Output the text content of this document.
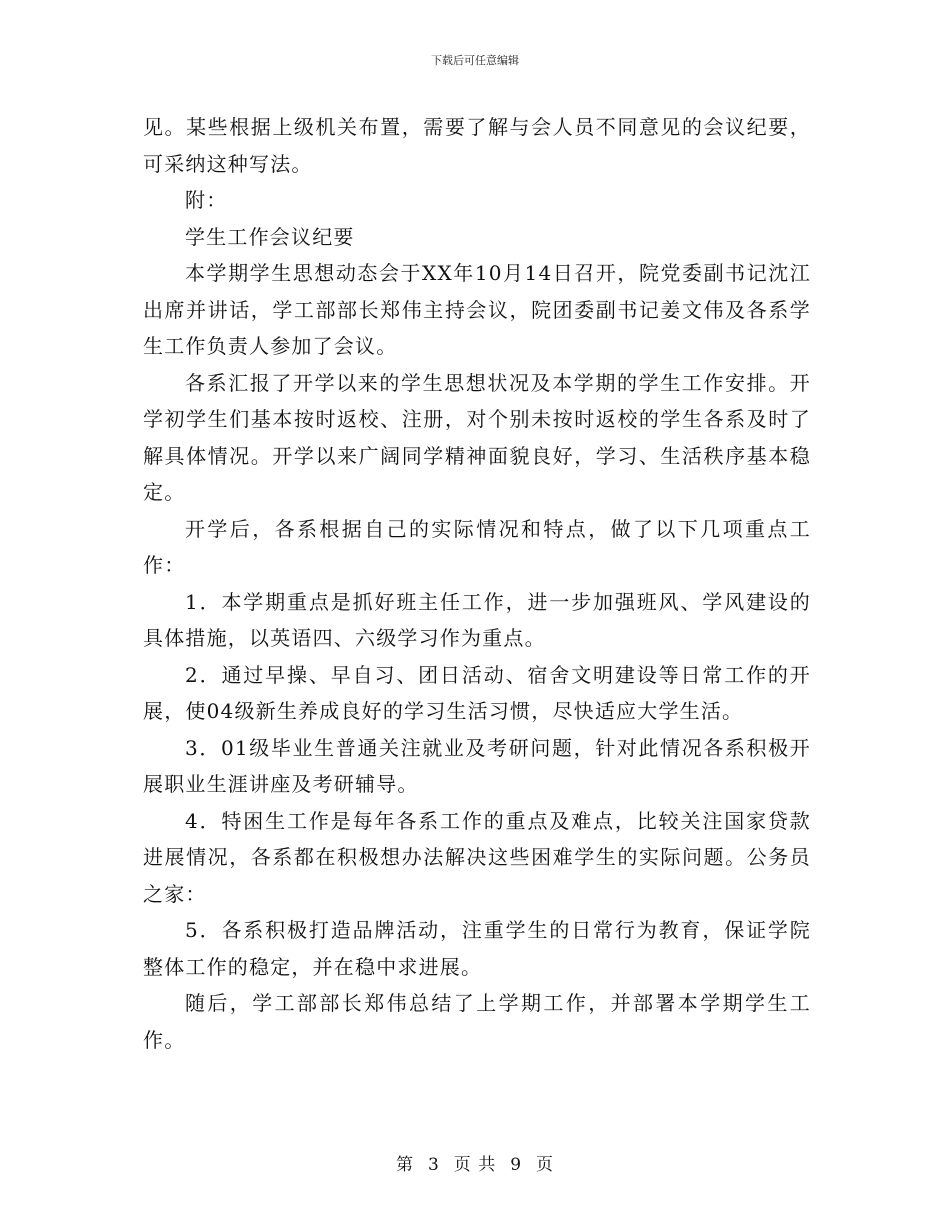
下载后可任意编辑

见。某些根据上级机关布置，需要了解与会人员不同意见的会议纪要，可采纳这种写法。

附：

学生工作会议纪要

本学期学生思想动态会于XX年10月14日召开，院党委副书记沈江出席并讲话，学工部部长郑伟主持会议，院团委副书记姜文伟及各系学生工作负责人参加了会议。

各系汇报了开学以来的学生思想状况及本学期的学生工作安排。开学初学生们基本按时返校、注册，对个别未按时返校的学生各系及时了解具体情况。开学以来广阔同学精神面貌良好，学习、生活秩序基本稳定。

开学后，各系根据自己的实际情况和特点，做了以下几项重点工作：

1．本学期重点是抓好班主任工作，进一步加强班风、学风建设的具体措施，以英语四、六级学习作为重点。

2．通过早操、早自习、团日活动、宿舍文明建设等日常工作的开展，使04级新生养成良好的学习生活习惯，尽快适应大学生活。

3．01级毕业生普通关注就业及考研问题，针对此情况各系积极开展职业生涯讲座及考研辅导。

4．特困生工作是每年各系工作的重点及难点，比较关注国家贷款进展情况，各系都在积极想办法解决这些困难学生的实际问题。公务员之家：

5．各系积极打造品牌活动，注重学生的日常行为教育，保证学院整体工作的稳定，并在稳中求进展。

随后，学工部部长郑伟总结了上学期工作，并部署本学期学生工作。

第 3 页 共 9 页
